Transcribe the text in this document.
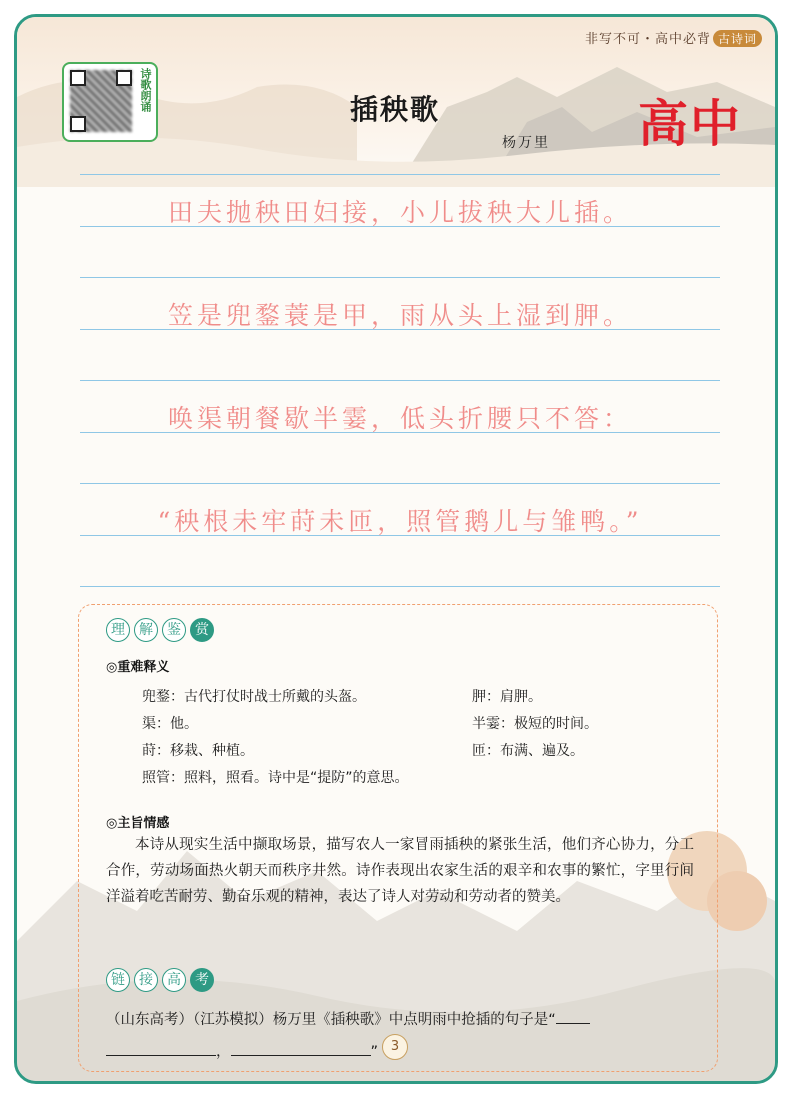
非写不可・高中必背 古诗词
诗歌朗诵	插秧歌
杨万里 高中
田夫抛秧田妇接，小儿拔秧大儿插。
笠是兜鍪蓑是甲，雨从头上湿到胛。
唤渠朝餐歇半霎，低头折腰只不答：
“秧根未牢莳未匝，照管鹅儿与雏鸭。”
理	解	鉴	赏
◎重难释义
兜鍪：古代打仗时战士所戴的头盔。	胛：肩胛。
渠：他。	半霎：极短的时间。
莳：移栽、种植。	匝：布满、遍及。
照管：照料，照看。诗中是“提防”的意思。
◎主旨情感
本诗从现实生活中撷取场景，描写农人一家冒雨插秧的紧张生活，他们齐心协力，分工合作，劳动场面热火朝天而秩序井然。诗作表现出农家生活的艰辛和农事的繁忙，字里行间洋溢着吃苦耐劳、勤奋乐观的精神，表达了诗人对劳动和劳动者的赞美。
链	接	高	考
（山东高考）（江苏模拟）杨万里《插秧歌》中点明雨中抢插的句子是“
，	” 3
